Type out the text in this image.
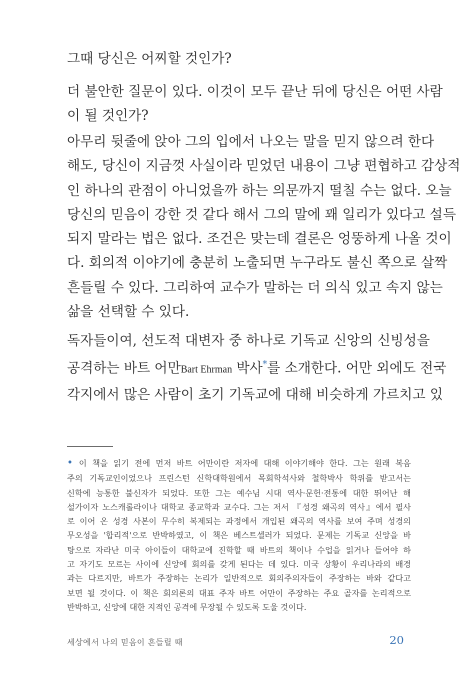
그때 당신은 어찌할 것인가?

더 불안한 질문이 있다. 이것이 모두 끝난 뒤에 당신은 어떤 사람
이 될 것인가?

아무리 뒷줄에 앉아 그의 입에서 나오는 말을 믿지 않으려 한다
해도, 당신이 지금껏 사실이라 믿었던 내용이 그냥 편협하고 감상적
인 하나의 관점이 아니었을까 하는 의문까지 떨칠 수는 없다. 오늘
당신의 믿음이 강한 것 같다 해서 그의 말에 꽤 일리가 있다고 설득
되지 말라는 법은 없다. 조건은 맞는데 결론은 엉뚱하게 나올 것이
다. 회의적 이야기에 충분히 노출되면 누구라도 불신 쪽으로 살짝
흔들릴 수 있다. 그리하여 교수가 말하는 더 의식 있고 속지 않는
삶을 선택할 수 있다.

독자들이여, 선도적 대변자 중 하나로 기독교 신앙의 신빙성을
공격하는 바트 어만Bart Ehrman 박사*를 소개한다. 어만 외에도 전국
각지에서 많은 사람이 초기 기독교에 대해 비슷하게 가르치고 있

• 이 책을 읽기 전에 먼저 바트 어만이란 저자에 대해 이야기해야 한다. 그는 원래 복음
주의 기독교인이었으나 프린스턴 신학대학원에서 목회학석사와 철학박사 학위를 받고서는
신학에 능통한 불신자가 되었다. 또한 그는 예수님 시대 역사·문헌·전통에 대한 뛰어난 해
설가이자 노스캐롤라이나 대학교 종교학과 교수다. 그는 저서 『성경 왜곡의 역사』에서 필사
로 이어 온 성경 사본이 무수히 복제되는 과정에서 개입된 왜곡의 역사를 보여 주며 성경의
무오성을 '합리적'으로 반박하였고, 이 책은 베스트셀러가 되었다. 문제는 기독교 신앙을 바
탕으로 자라난 미국 아이들이 대학교에 진학할 때 바트의 책이나 수업을 읽거나 들어야 하
고 자기도 모르는 사이에 신앙에 회의를 갖게 된다는 데 있다. 미국 상황이 우리나라의 배경
과는 다르지만, 바트가 주장하는 논리가 일반적으로 회의주의자들이 주장하는 바와 같다고
보면 될 것이다. 이 책은 회의론의 대표 주자 바트 어만이 주장하는 주요 골자를 논리적으로
반박하고, 신앙에 대한 지적인 공격에 무장될 수 있도록 도울 것이다.

세상에서 나의 믿음이 흔들릴 때	20
